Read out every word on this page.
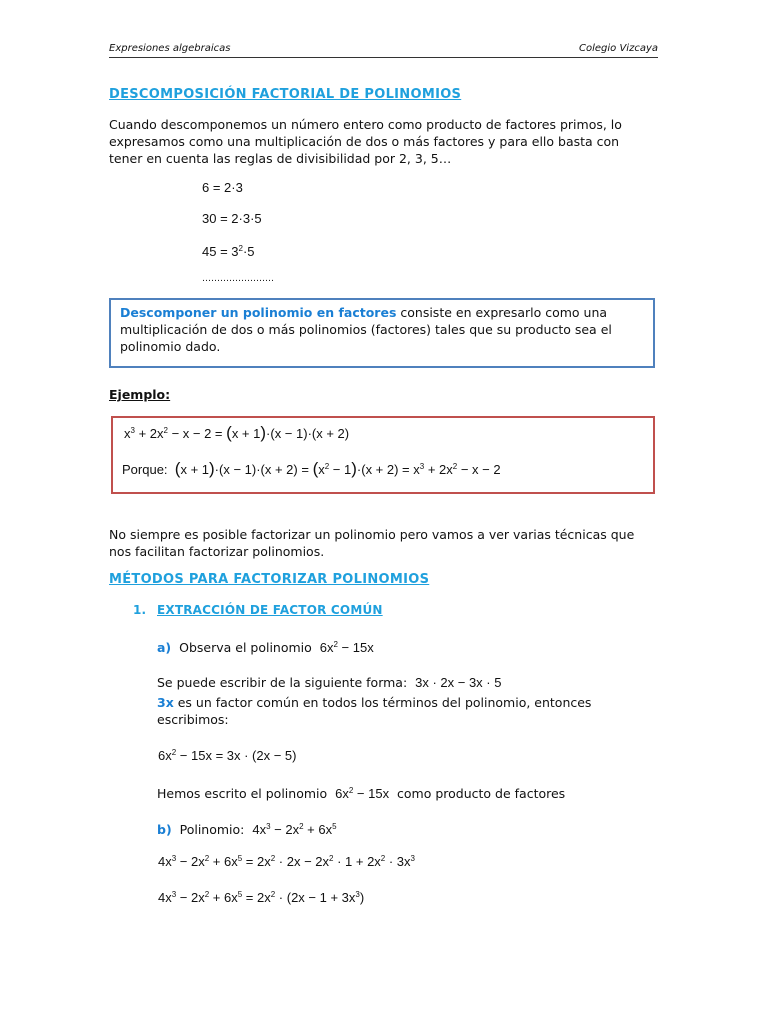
Expresiones algebraicas	Colegio Vizcaya
DESCOMPOSICIÓN FACTORIAL DE POLINOMIOS
Cuando descomponemos un número entero como producto de factores primos, lo
expresamos como una multiplicación de dos o más factores y para ello basta con
tener en cuenta las reglas de divisibilidad por 2, 3, 5…
6 = 2·3
30 = 2·3·5
$45 = 3^2\cdot 5$
……………………
Descomponer un polinomio en factores consiste en expresarlo como una
multiplicación de dos o más polinomios (factores) tales que su producto sea el
polinomio dado.
Ejemplo:
$x^3 + 2x^2 - x - 2 = (x + 1)\cdot(x - 1)\cdot(x + 2)$
Porque: $(x + 1)\cdot(x - 1)\cdot(x + 2) = (x^2 - 1)\cdot(x + 2) = x^3 + 2x^2 - x - 2$
No siempre es posible factorizar un polinomio pero vamos a ver varias técnicas que
nos facilitan factorizar polinomios.
MÉTODOS PARA FACTORIZAR POLINOMIOS
1. EXTRACCIÓN DE FACTOR COMÚN
a) Observa el polinomio $6x^2 - 15x$
Se puede escribir de la siguiente forma: 3x · 2x − 3x · 5
3x es un factor común en todos los términos del polinomio, entonces
escribimos:
$6x^2 - 15x = 3x \cdot (2x - 5)$
Hemos escrito el polinomio $6x^2 - 15x$ como producto de factores
b) Polinomio: $4x^3 - 2x^2 + 6x^5$
$4x^3 - 2x^2 + 6x^5 = 2x^2 \cdot 2x - 2x^2 \cdot 1 + 2x^2 \cdot 3x^3$
$4x^3 - 2x^2 + 6x^5 = 2x^2 \cdot (2x - 1 + 3x^3)$
